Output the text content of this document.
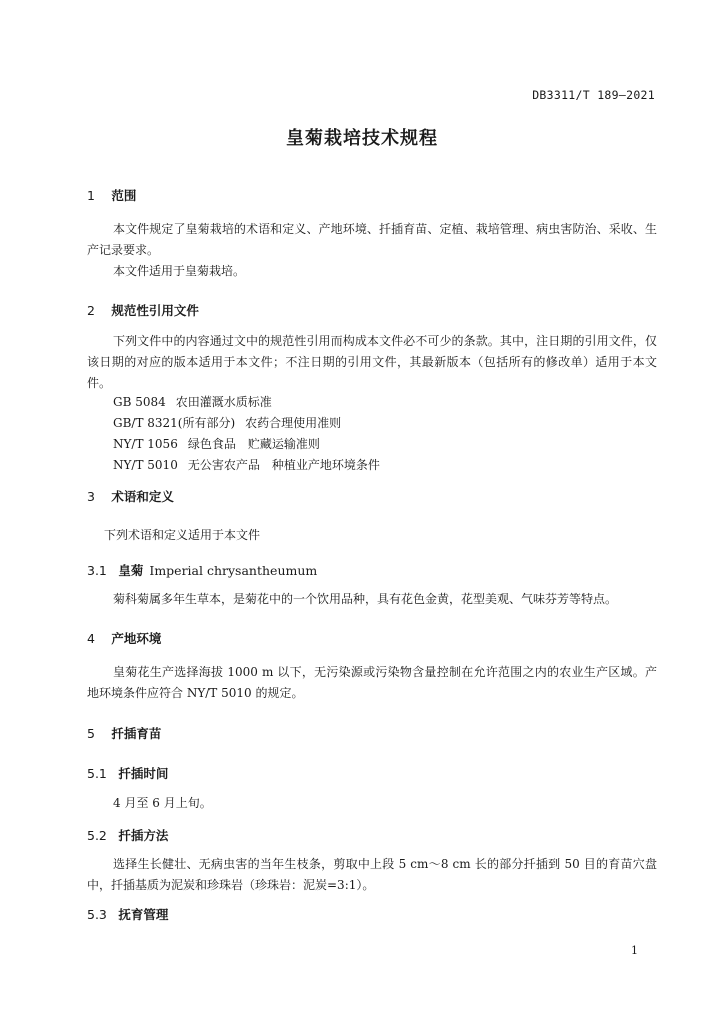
DB3311/T 189—2021
皇菊栽培技术规程
1 范围
本文件规定了皇菊栽培的术语和定义、产地环境、扦插育苗、定植、栽培管理、病虫害防治、采收、生产记录要求。
本文件适用于皇菊栽培。
2 规范性引用文件
下列文件中的内容通过文中的规范性引用而构成本文件必不可少的条款。其中，注日期的引用文件，仅该日期的对应的版本适用于本文件；不注日期的引用文件，其最新版本（包括所有的修改单）适用于本文件。
GB 5084 农田灌溉水质标准
GB/T 8321(所有部分) 农药合理使用准则
NY/T 1056 绿色食品　贮藏运输准则
NY/T 5010 无公害农产品　种植业产地环境条件
3 术语和定义
下列术语和定义适用于本文件
3.1 皇菊 Imperial chrysantheumum
菊科菊属多年生草本，是菊花中的一个饮用品种，具有花色金黄，花型美观、气味芬芳等特点。
4 产地环境
皇菊花生产选择海拔 1000 m 以下，无污染源或污染物含量控制在允许范围之内的农业生产区域。产地环境条件应符合 NY/T 5010 的规定。
5 扦插育苗
5.1 扦插时间
4 月至 6 月上旬。
5.2 扦插方法
选择生长健壮、无病虫害的当年生枝条，剪取中上段 5 cm～8 cm 长的部分扦插到 50 目的育苗穴盘中，扦插基质为泥炭和珍珠岩（珍珠岩：泥炭=3:1）。
5.3 抚育管理
1
